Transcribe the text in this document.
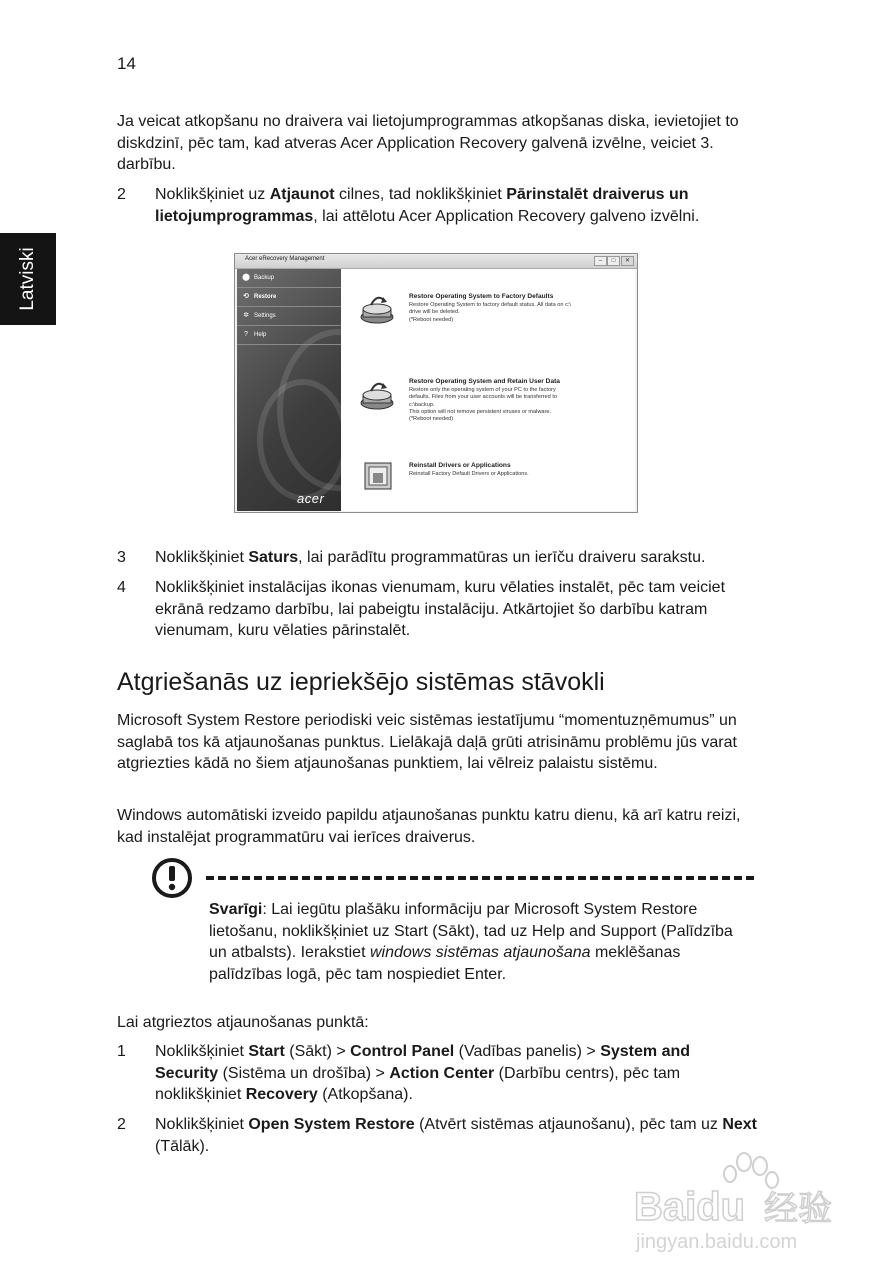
14
Latviski
Ja veicat atkopšanu no draivera vai lietojumprogrammas atkopšanas diska, ievietojiet to diskdzinī, pēc tam, kad atveras Acer Application Recovery galvenā izvēlne, veiciet 3. darbību.
2 Noklikšķiniet uz Atjaunot cilnes, tad noklikšķiniet Pārinstalēt draiverus un lietojumprogrammas, lai attēlotu Acer Application Recovery galveno izvēlni.
Acer eRecovery Management	–	□	✕
⬤ Backup
⟲ Restore
✲ Settings
? Help
acer
Restore Operating System to Factory Defaults
Restore Operating System to factory default status. All data on c:\
drive will be deleted.
(*Reboot needed)
Restore Operating System and Retain User Data
Restore only the operating system of your PC to the factory
defaults. Files from your user accounts will be transferred to
c:\backup.
This option will not remove persistent viruses or malware.
(*Reboot needed)
Reinstall Drivers or Applications
Reinstall Factory Default Drivers or Applications.
3 Noklikšķiniet Saturs, lai parādītu programmatūras un ierīču draiveru sarakstu.
4 Noklikšķiniet instalācijas ikonas vienumam, kuru vēlaties instalēt, pēc tam veiciet ekrānā redzamo darbību, lai pabeigtu instalāciju. Atkārtojiet šo darbību katram vienumam, kuru vēlaties pārinstalēt.
Atgriešanās uz iepriekšējo sistēmas stāvokli
Microsoft System Restore periodiski veic sistēmas iestatījumu “momentuzņēmumus” un saglabā tos kā atjaunošanas punktus. Lielākajā daļā grūti atrisināmu problēmu jūs varat atgriezties kādā no šiem atjaunošanas punktiem, lai vēlreiz palaistu sistēmu.
Windows automātiski izveido papildu atjaunošanas punktu katru dienu, kā arī katru reizi, kad instalējat programmatūru vai ierīces draiverus.
Svarīgi: Lai iegūtu plašāku informāciju par Microsoft System Restore lietošanu, noklikšķiniet uz Start (Sākt), tad uz Help and Support (Palīdzība un atbalsts). Ierakstiet windows sistēmas atjaunošana meklēšanas palīdzības logā, pēc tam nospiediet Enter.
Lai atgrieztos atjaunošanas punktā:
1 Noklikšķiniet Start (Sākt) > Control Panel (Vadības panelis) > System and Security (Sistēma un drošība) > Action Center (Darbību centrs), pēc tam noklikšķiniet Recovery (Atkopšana).
2 Noklikšķiniet Open System Restore (Atvērt sistēmas atjaunošanu), pēc tam uz Next (Tālāk).
Baidu 经验
jingyan.baidu.com
